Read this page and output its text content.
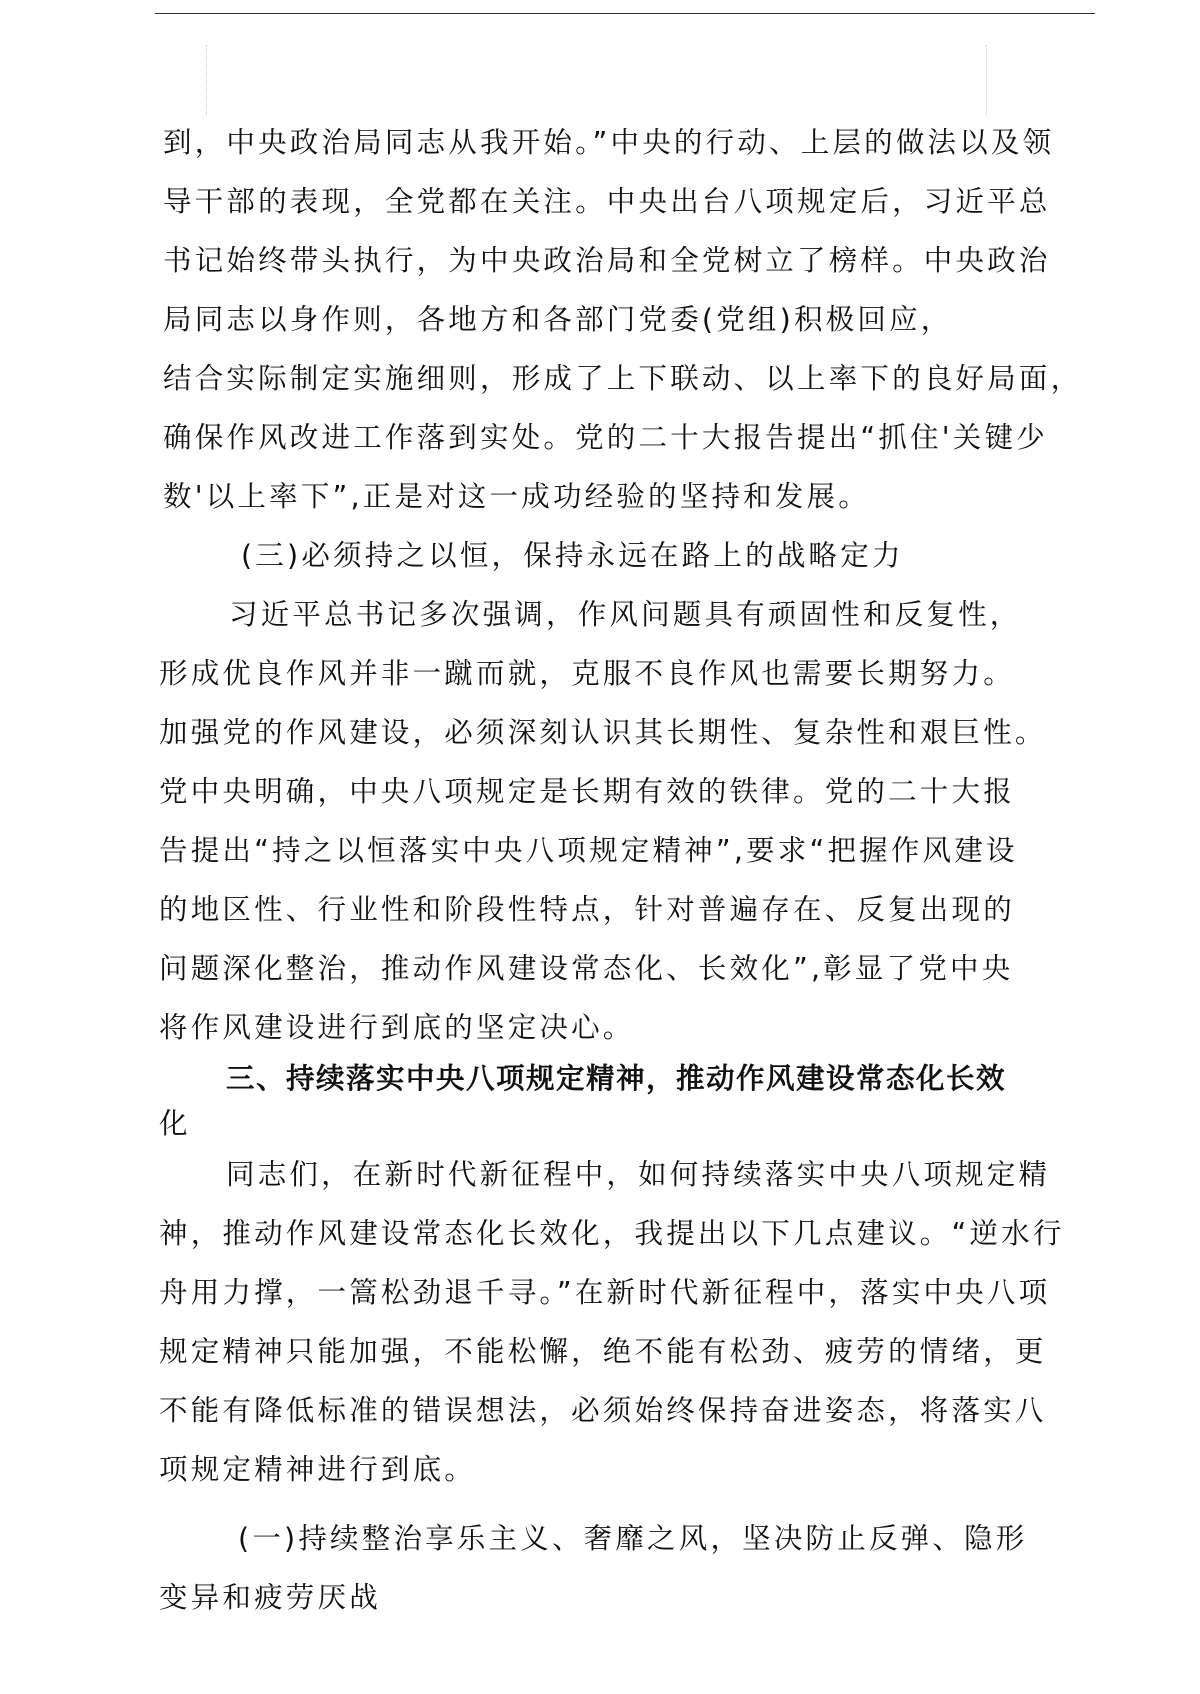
到，中央政治局同志从我开始。”中央的行动、上层的做法以及领
导干部的表现，全党都在关注。中央出台八项规定后，习近平总
书记始终带头执行，为中央政治局和全党树立了榜样。中央政治
局同志以身作则，各地方和各部门党委(党组)积极回应，
结合实际制定实施细则，形成了上下联动、以上率下的良好局面，
确保作风改进工作落到实处。党的二十大报告提出“抓住'关键少
数'以上率下”,正是对这一成功经验的坚持和发展。
(三)必须持之以恒，保持永远在路上的战略定力
习近平总书记多次强调，作风问题具有顽固性和反复性，
形成优良作风并非一蹴而就，克服不良作风也需要长期努力。
加强党的作风建设，必须深刻认识其长期性、复杂性和艰巨性。
党中央明确，中央八项规定是长期有效的铁律。党的二十大报
告提出“持之以恒落实中央八项规定精神”,要求“把握作风建设
的地区性、行业性和阶段性特点，针对普遍存在、反复出现的
问题深化整治，推动作风建设常态化、长效化”,彰显了党中央
将作风建设进行到底的坚定决心。
三、持续落实中央八项规定精神，推动作风建设常态化长效
化
同志们，在新时代新征程中，如何持续落实中央八项规定精
神，推动作风建设常态化长效化，我提出以下几点建议。“逆水行
舟用力撑，一篙松劲退千寻。”在新时代新征程中，落实中央八项
规定精神只能加强，不能松懈，绝不能有松劲、疲劳的情绪，更
不能有降低标准的错误想法，必须始终保持奋进姿态，将落实八
项规定精神进行到底。
(一)持续整治享乐主义、奢靡之风，坚决防止反弹、隐形
变异和疲劳厌战
